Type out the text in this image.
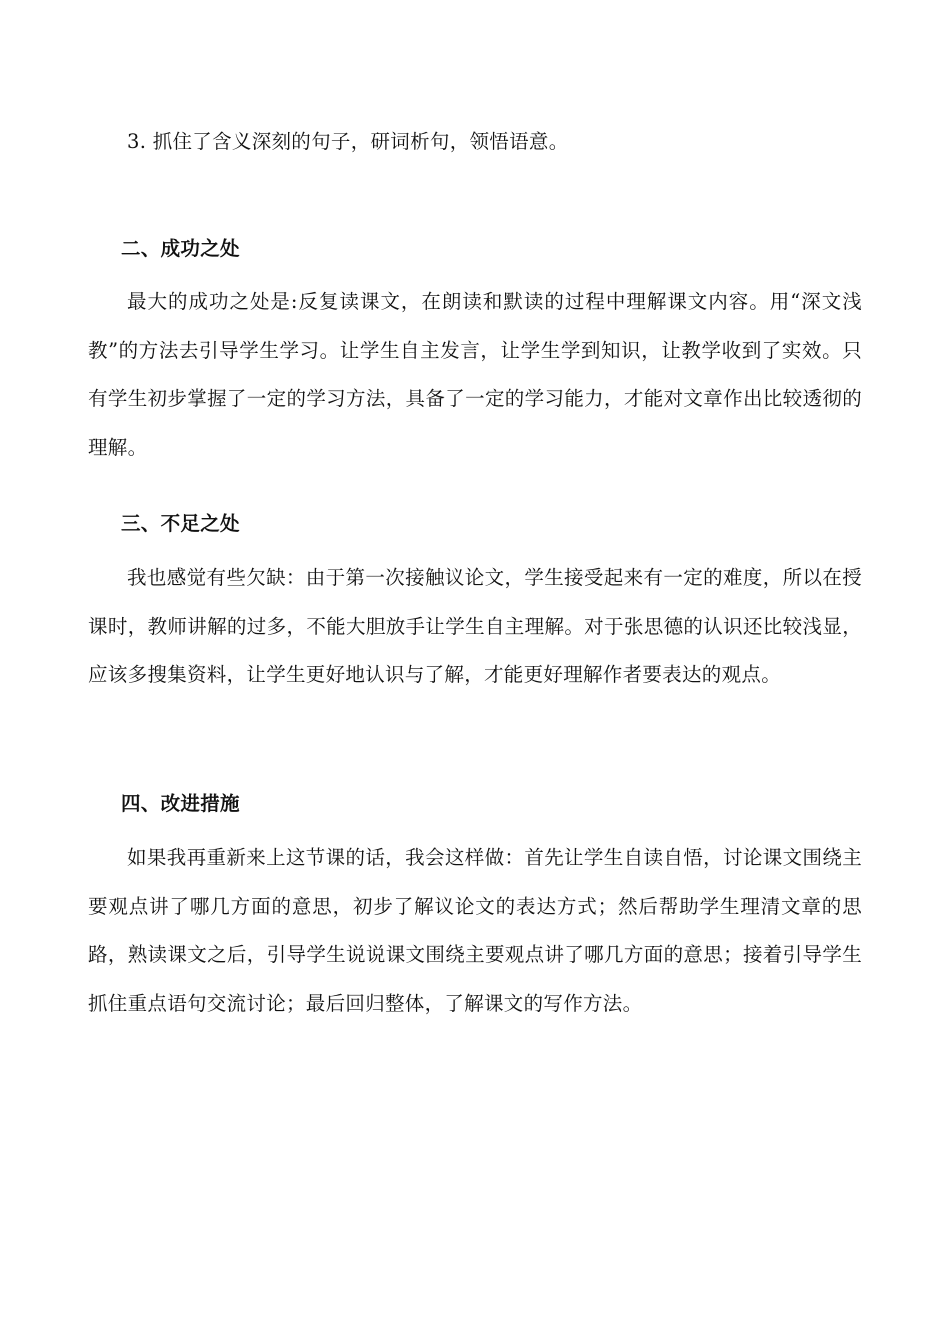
3. 抓住了含义深刻的句子，研词析句，领悟语意。

二、成功之处

最大的成功之处是:反复读课文，在朗读和默读的过程中理解课文内容。用“深文浅教”的方法去引导学生学习。让学生自主发言，让学生学到知识，让教学收到了实效。只有学生初步掌握了一定的学习方法，具备了一定的学习能力，才能对文章作出比较透彻的理解。

三、不足之处

我也感觉有些欠缺：由于第一次接触议论文，学生接受起来有一定的难度，所以在授课时，教师讲解的过多，不能大胆放手让学生自主理解。对于张思德的认识还比较浅显，应该多搜集资料，让学生更好地认识与了解，才能更好理解作者要表达的观点。

四、改进措施

如果我再重新来上这节课的话，我会这样做：首先让学生自读自悟，讨论课文围绕主要观点讲了哪几方面的意思，初步了解议论文的表达方式；然后帮助学生理清文章的思路，熟读课文之后，引导学生说说课文围绕主要观点讲了哪几方面的意思；接着引导学生抓住重点语句交流讨论；最后回归整体，了解课文的写作方法。
